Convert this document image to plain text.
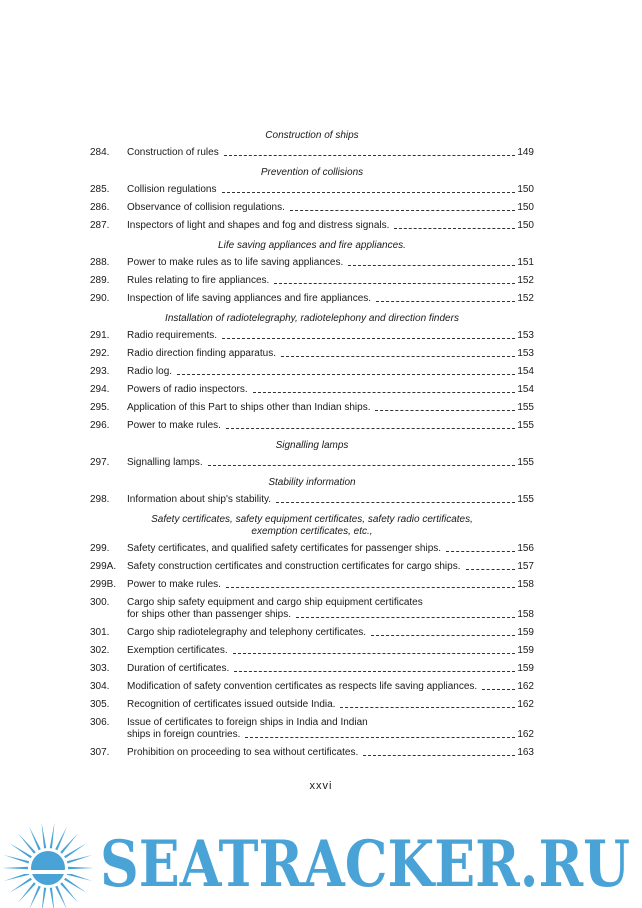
Construction of ships
284.	Construction of rules	149
Prevention of collisions
285.	Collision regulations	150
286.	Observance of collision regulations.	150
287.	Inspectors of light and shapes and fog and distress signals.	150
Life saving appliances and fire appliances.
288.	Power to make rules as to life saving appliances.	151
289.	Rules relating to fire appliances.	152
290.	Inspection of life saving appliances and fire appliances.	152
Installation of radiotelegraphy, radiotelephony and direction finders
291.	Radio requirements.	153
292.	Radio direction finding apparatus.	153
293.	Radio log.	154
294.	Powers of radio inspectors.	154
295.	Application of this Part to ships other than Indian ships.	155
296.	Power to make rules.	155
Signalling lamps
297.	Signalling lamps.	155
Stability information
298.	Information about ship's stability.	155
Safety certificates, safety equipment certificates, safety radio certificates,
exemption certificates, etc.,
299.	Safety certificates, and qualified safety certificates for passenger ships.	156
299A.	Safety construction certificates and construction certificates for cargo ships.	157
299B.	Power to make rules.	158
300.	Cargo ship safety equipment and cargo ship equipment certificates
for ships other than passenger ships.	158
301.	Cargo ship radiotelegraphy and telephony certificates.	159
302.	Exemption certificates.	159
303.	Duration of certificates.	159
304.	Modification of safety convention certificates as respects life saving appliances.	162
305.	Recognition of certificates issued outside India.	162
306.	Issue of certificates to foreign ships in India and Indian
ships in foreign countries.	162
307.	Prohibition on proceeding to sea without certificates.	163
xxvi
SEATRACKER.RU
